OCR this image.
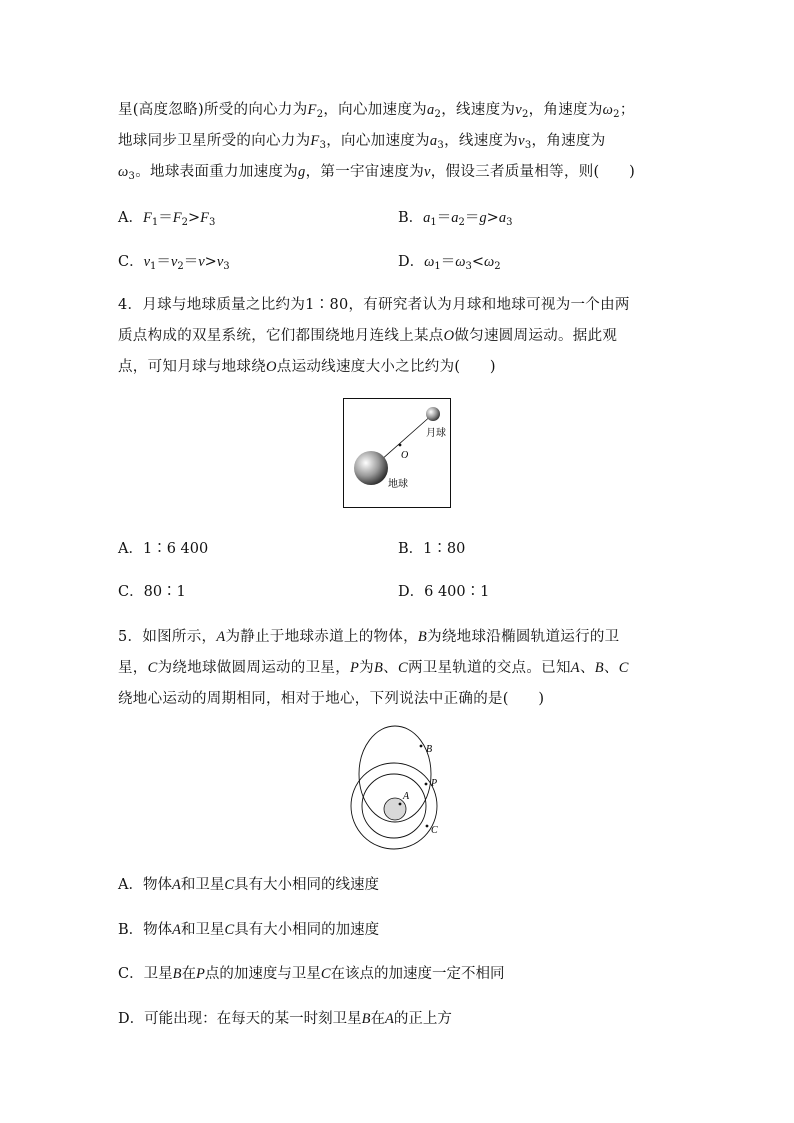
星(高度忽略)所受的向心力为$F_2$，向心加速度为$a_2$，线速度为$v_2$，角速度为$\omega_2$；
地球同步卫星所受的向心力为$F_3$，向心加速度为$a_3$，线速度为$v_3$，角速度为
$\omega_3$。地球表面重力加速度为g，第一宇宙速度为v，假设三者质量相等，则(　　)
A．$F_1=F_2>F_3$	B．$a_1=a_2=g>a_3$
C．$v_1=v_2=v>v_3$	D．$\omega_1=\omega_3<\omega_2$
4．月球与地球质量之比约为1∶80，有研究者认为月球和地球可视为一个由两
质点构成的双星系统，它们都围绕地月连线上某点O做匀速圆周运动。据此观
点，可知月球与地球绕O点运动线速度大小之比约为(　　)
月球
O
地球
A．1∶6 400	B．1∶80
C．80∶1	D．6 400∶1
5．如图所示，A为静止于地球赤道上的物体，B为绕地球沿椭圆轨道运行的卫
星，C为绕地球做圆周运动的卫星，P为B、C两卫星轨道的交点。已知A、B、C
绕地心运动的周期相同，相对于地心，下列说法中正确的是(　　)
A
B
P
C
A．物体A和卫星C具有大小相同的线速度
B．物体A和卫星C具有大小相同的加速度
C．卫星B在P点的加速度与卫星C在该点的加速度一定不相同
D．可能出现：在每天的某一时刻卫星B在A的正上方
